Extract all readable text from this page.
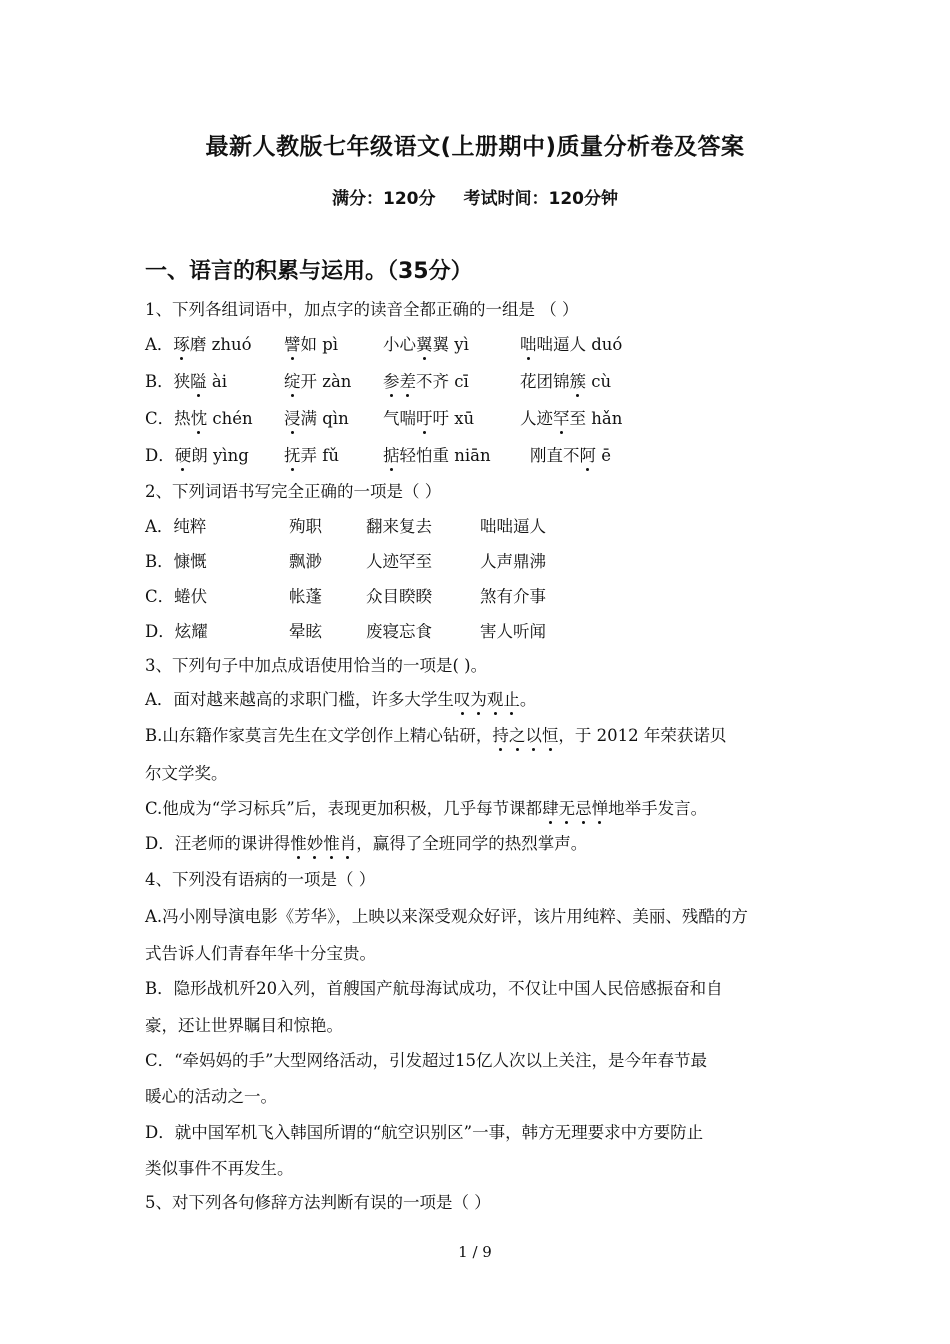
最新人教版七年级语文(上册期中)质量分析卷及答案
满分：120分 考试时间：120分钟
一、语言的积累与运用。（35分）
1、下列各组词语中，加点字的读音全都正确的一组是 （ ）
A．琢磨 zhuó 譬如 pì	小心翼翼 yì	咄咄逼人 duó
B．狭隘 ài	绽开 zàn 参差不齐 cī	花团锦簇 cù
C．热忱 chén 浸满 qìn 气喘吁吁 xū	人迹罕至 hǎn
D．硬朗 yìng 抚弄 fǔ	掂轻怕重 niān 刚直不阿 ē
2、下列词语书写完全正确的一项是（ ）
A．纯粹	殉职	翻来复去	咄咄逼人
B．慷慨	飘渺	人迹罕至	人声鼎沸
C．蜷伏	帐蓬	众目睽睽	煞有介事
D．炫耀	晕眩	废寝忘食	害人听闻
3、下列句子中加点成语使用恰当的一项是( )。
A．面对越来越高的求职门槛，许多大学生叹为观止。
B.山东籍作家莫言先生在文学创作上精心钻研，持之以恒，于 2012 年荣获诺贝
尔文学奖。
C.他成为“学习标兵”后，表现更加积极，几乎每节课都肆无忌惮地举手发言。
D．汪老师的课讲得惟妙惟肖，赢得了全班同学的热烈掌声。
4、下列没有语病的一项是（ ）
A.冯小刚导演电影《芳华》，上映以来深受观众好评，该片用纯粹、美丽、残酷的方
式告诉人们青春年华十分宝贵。
B．隐形战机歼20入列，首艘国产航母海试成功，不仅让中国人民倍感振奋和自
豪，还让世界瞩目和惊艳。
C．“牵妈妈的手”大型网络活动，引发超过15亿人次以上关注，是今年春节最
暖心的活动之一。
D．就中国军机飞入韩国所谓的“航空识别区”一事，韩方无理要求中方要防止
类似事件不再发生。
5、对下列各句修辞方法判断有误的一项是（ ）
1 / 9
